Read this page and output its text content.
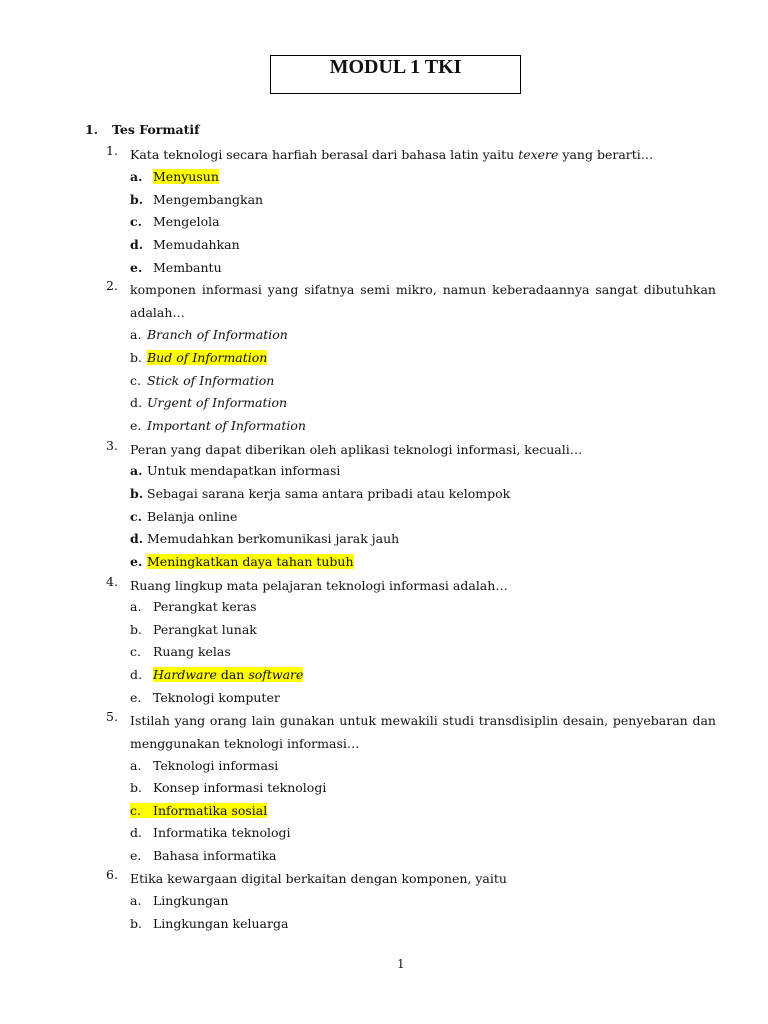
MODUL 1 TKI
1. Tes Formatif
1. Kata teknologi secara harfiah berasal dari bahasa latin yaitu texere yang berarti…
a. Menyusun
b. Mengembangkan
c. Mengelola
d. Memudahkan
e. Membantu
2. komponen informasi yang sifatnya semi mikro, namun keberadaannya sangat dibutuhkan
adalah…
a. Branch of Information
b. Bud of Information
c. Stick of Information
d. Urgent of Information
e. Important of Information
3. Peran yang dapat diberikan oleh aplikasi teknologi informasi, kecuali…
a. Untuk mendapatkan informasi
b. Sebagai sarana kerja sama antara pribadi atau kelompok
c. Belanja online
d. Memudahkan berkomunikasi jarak jauh
e. Meningkatkan daya tahan tubuh
4. Ruang lingkup mata pelajaran teknologi informasi adalah…
a. Perangkat keras
b. Perangkat lunak
c. Ruang kelas
d. Hardware dan software
e. Teknologi komputer
5. Istilah yang orang lain gunakan untuk mewakili studi transdisiplin desain, penyebaran dan
menggunakan teknologi informasi…
a. Teknologi informasi
b. Konsep informasi teknologi
c. Informatika sosial
d. Informatika teknologi
e. Bahasa informatika
6. Etika kewargaan digital berkaitan dengan komponen, yaitu
a. Lingkungan
b. Lingkungan keluarga
1
